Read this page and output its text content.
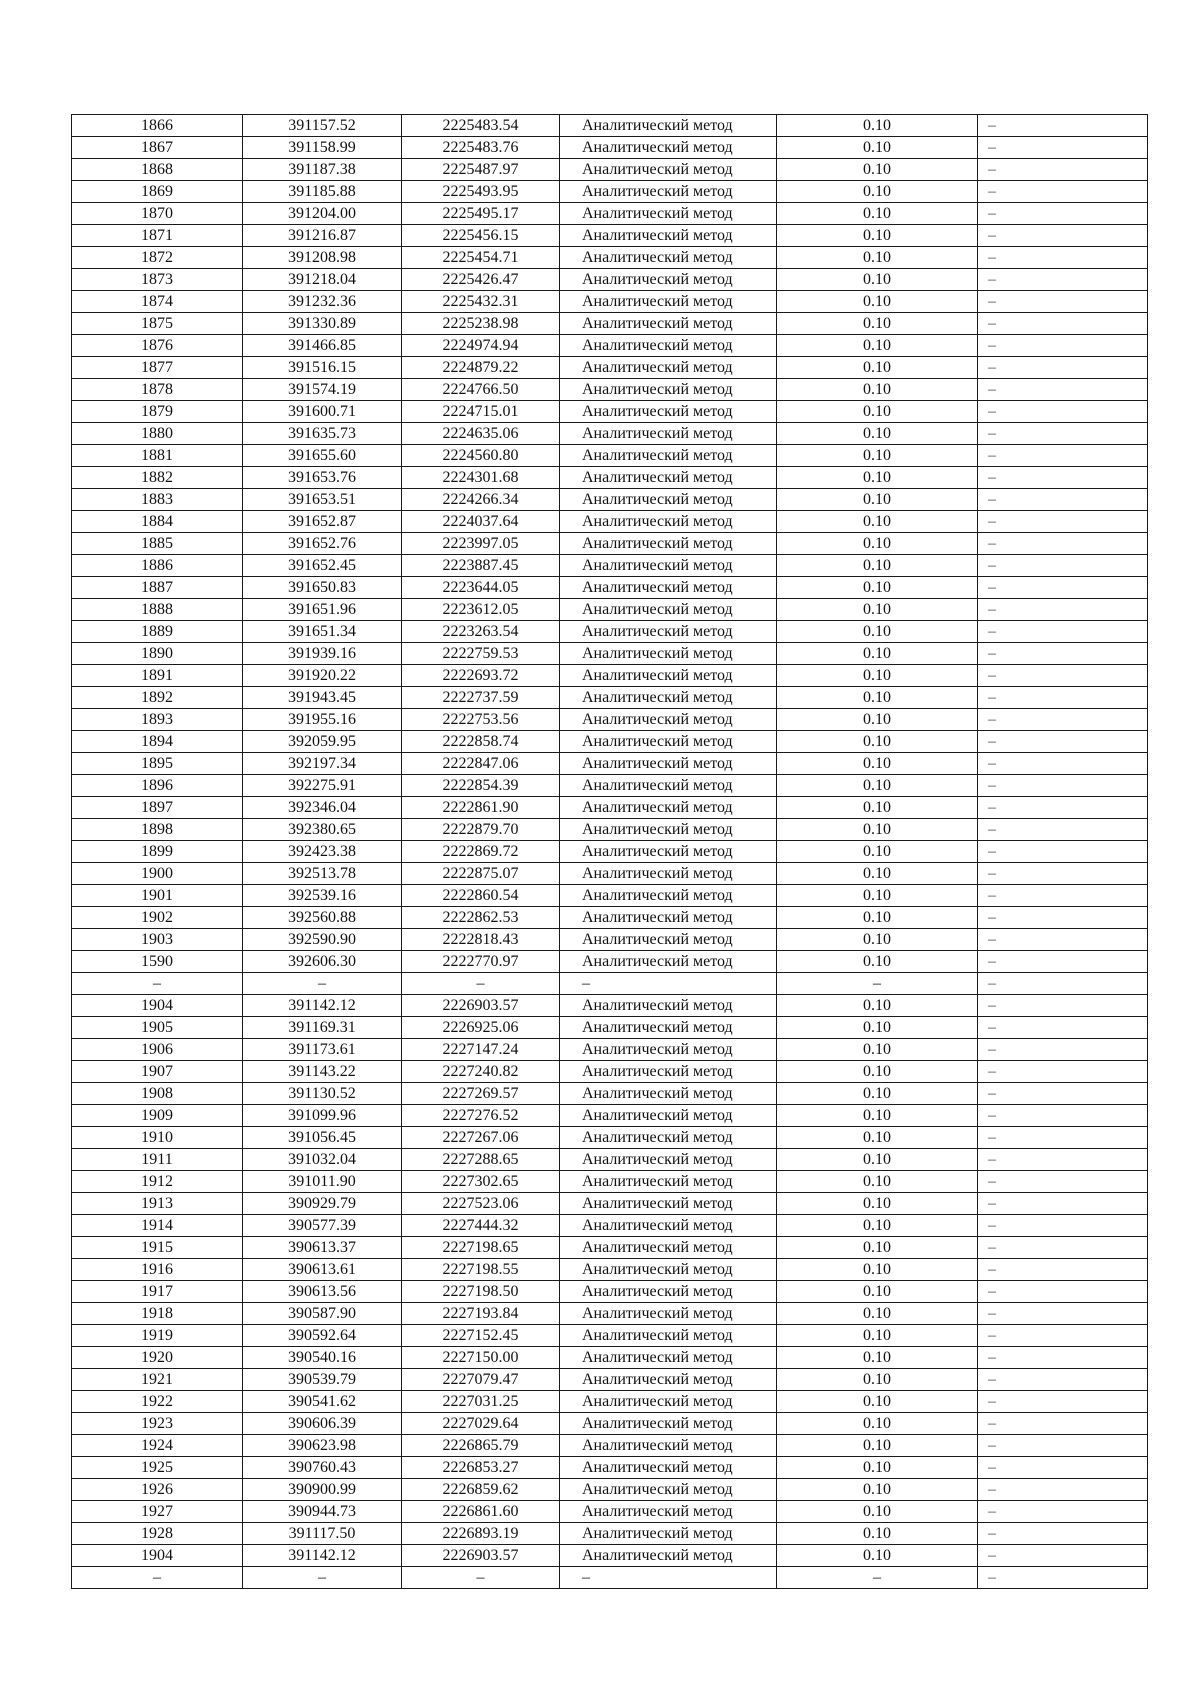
1866	391157.52	2225483.54	Аналитический метод	0.10	–
1867	391158.99	2225483.76	Аналитический метод	0.10	–
1868	391187.38	2225487.97	Аналитический метод	0.10	–
1869	391185.88	2225493.95	Аналитический метод	0.10	–
1870	391204.00	2225495.17	Аналитический метод	0.10	–
1871	391216.87	2225456.15	Аналитический метод	0.10	–
1872	391208.98	2225454.71	Аналитический метод	0.10	–
1873	391218.04	2225426.47	Аналитический метод	0.10	–
1874	391232.36	2225432.31	Аналитический метод	0.10	–
1875	391330.89	2225238.98	Аналитический метод	0.10	–
1876	391466.85	2224974.94	Аналитический метод	0.10	–
1877	391516.15	2224879.22	Аналитический метод	0.10	–
1878	391574.19	2224766.50	Аналитический метод	0.10	–
1879	391600.71	2224715.01	Аналитический метод	0.10	–
1880	391635.73	2224635.06	Аналитический метод	0.10	–
1881	391655.60	2224560.80	Аналитический метод	0.10	–
1882	391653.76	2224301.68	Аналитический метод	0.10	–
1883	391653.51	2224266.34	Аналитический метод	0.10	–
1884	391652.87	2224037.64	Аналитический метод	0.10	–
1885	391652.76	2223997.05	Аналитический метод	0.10	–
1886	391652.45	2223887.45	Аналитический метод	0.10	–
1887	391650.83	2223644.05	Аналитический метод	0.10	–
1888	391651.96	2223612.05	Аналитический метод	0.10	–
1889	391651.34	2223263.54	Аналитический метод	0.10	–
1890	391939.16	2222759.53	Аналитический метод	0.10	–
1891	391920.22	2222693.72	Аналитический метод	0.10	–
1892	391943.45	2222737.59	Аналитический метод	0.10	–
1893	391955.16	2222753.56	Аналитический метод	0.10	–
1894	392059.95	2222858.74	Аналитический метод	0.10	–
1895	392197.34	2222847.06	Аналитический метод	0.10	–
1896	392275.91	2222854.39	Аналитический метод	0.10	–
1897	392346.04	2222861.90	Аналитический метод	0.10	–
1898	392380.65	2222879.70	Аналитический метод	0.10	–
1899	392423.38	2222869.72	Аналитический метод	0.10	–
1900	392513.78	2222875.07	Аналитический метод	0.10	–
1901	392539.16	2222860.54	Аналитический метод	0.10	–
1902	392560.88	2222862.53	Аналитический метод	0.10	–
1903	392590.90	2222818.43	Аналитический метод	0.10	–
1590	392606.30	2222770.97	Аналитический метод	0.10	–
–	–	–	–	–	–
1904	391142.12	2226903.57	Аналитический метод	0.10	–
1905	391169.31	2226925.06	Аналитический метод	0.10	–
1906	391173.61	2227147.24	Аналитический метод	0.10	–
1907	391143.22	2227240.82	Аналитический метод	0.10	–
1908	391130.52	2227269.57	Аналитический метод	0.10	–
1909	391099.96	2227276.52	Аналитический метод	0.10	–
1910	391056.45	2227267.06	Аналитический метод	0.10	–
1911	391032.04	2227288.65	Аналитический метод	0.10	–
1912	391011.90	2227302.65	Аналитический метод	0.10	–
1913	390929.79	2227523.06	Аналитический метод	0.10	–
1914	390577.39	2227444.32	Аналитический метод	0.10	–
1915	390613.37	2227198.65	Аналитический метод	0.10	–
1916	390613.61	2227198.55	Аналитический метод	0.10	–
1917	390613.56	2227198.50	Аналитический метод	0.10	–
1918	390587.90	2227193.84	Аналитический метод	0.10	–
1919	390592.64	2227152.45	Аналитический метод	0.10	–
1920	390540.16	2227150.00	Аналитический метод	0.10	–
1921	390539.79	2227079.47	Аналитический метод	0.10	–
1922	390541.62	2227031.25	Аналитический метод	0.10	–
1923	390606.39	2227029.64	Аналитический метод	0.10	–
1924	390623.98	2226865.79	Аналитический метод	0.10	–
1925	390760.43	2226853.27	Аналитический метод	0.10	–
1926	390900.99	2226859.62	Аналитический метод	0.10	–
1927	390944.73	2226861.60	Аналитический метод	0.10	–
1928	391117.50	2226893.19	Аналитический метод	0.10	–
1904	391142.12	2226903.57	Аналитический метод	0.10	–
–	–	–	–	–	–
